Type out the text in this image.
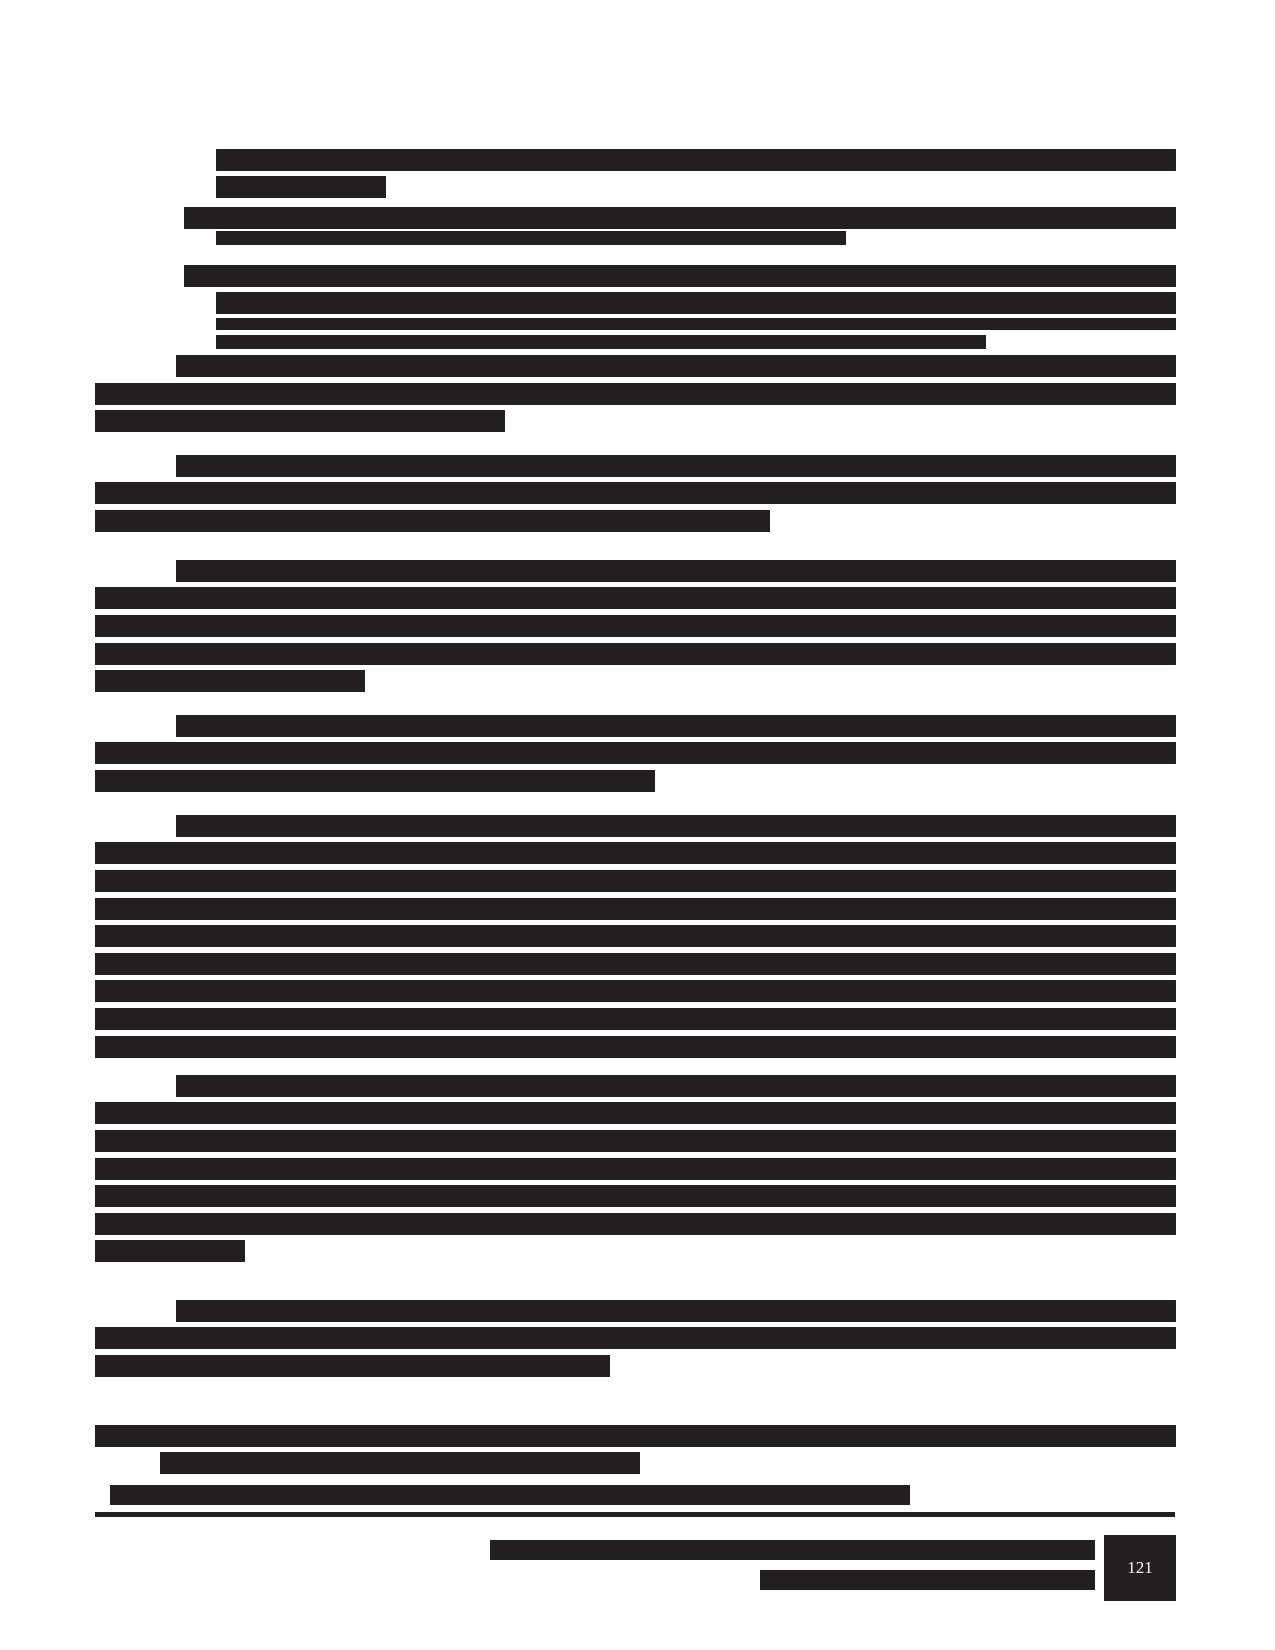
121
